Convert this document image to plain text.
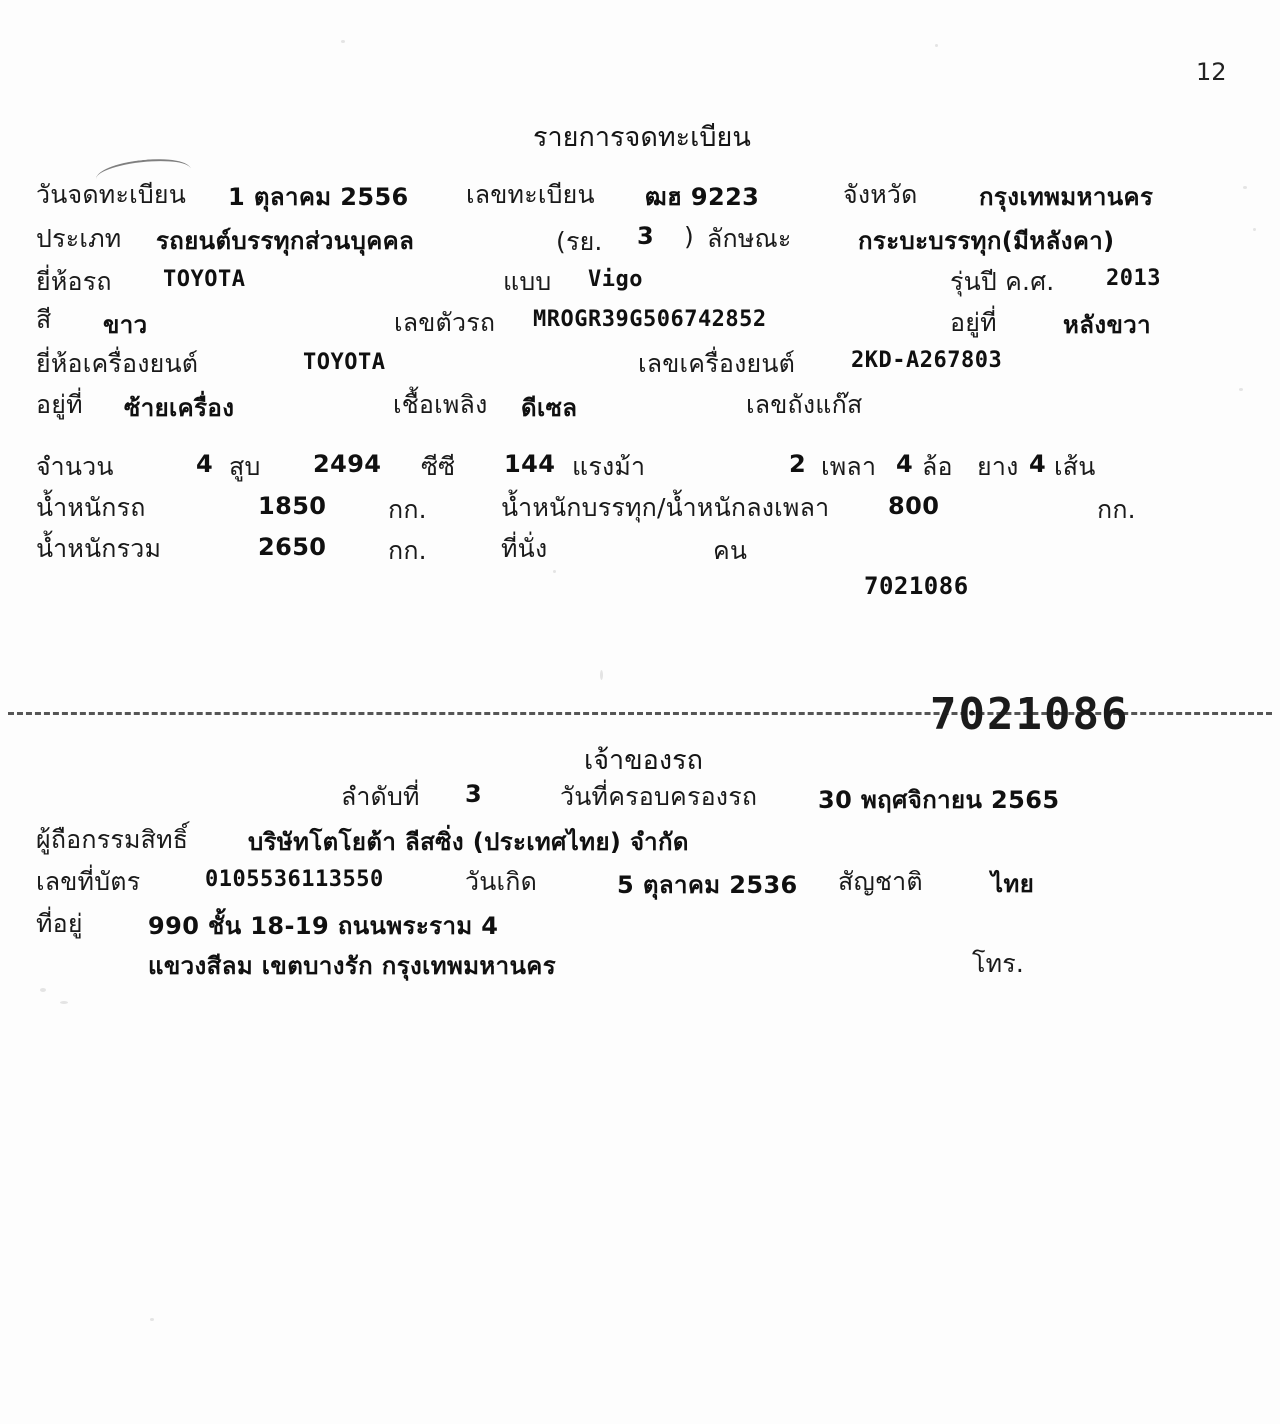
12
รายการจดทะเบียน
วันจดทะเบียน 1 ตุลาคม 2556 เลขทะเบียน ฒฮ 9223	จังหวัด	กรุงเทพมหานคร
ประเภท รถยนต์บรรทุกส่วนบุคคล	(รย. 3 ) ลักษณะ	กระบะบรรทุก(มีหลังคา)
ยี่ห้อรถ TOYOTA	แบบ Vigo	รุ่นปี ค.ศ. 2013
สี ขาว	เลขตัวรถ MROGR39G506742852	อยู่ที่	หลังขวา
ยี่ห้อเครื่องยนต์	TOYOTA	เลขเครื่องยนต์	2KD-A267803
อยู่ที่ ซ้ายเครื่อง	เชื้อเพลิง ดีเซล	เลขถังแก๊ส
จำนวน	4 สูบ 2494 ซีซี 144 แรงม้า	2 เพลา 4 ล้อ ยาง 4 เส้น
น้ำหนักรถ	1850 กก.	น้ำหนักบรรทุก/น้ำหนักลงเพลา 800	กก.
น้ำหนักรวม	2650 กก.	ที่นั่ง	คน
7021086
7021086
เจ้าของรถ
ลำดับที่ 3	วันที่ครอบครองรถ	30 พฤศจิกายน 2565
ผู้ถือกรรมสิทธิ์ บริษัทโตโยต้า ลีสซิ่ง (ประเทศไทย) จำกัด
เลขที่บัตร	0105536113550	วันเกิด	5 ตุลาคม 2536 สัญชาติ	ไทย
ที่อยู่	990 ชั้น 18-19 ถนนพระราม 4
แขวงสีลม เขตบางรัก กรุงเทพมหานคร	โทร.
